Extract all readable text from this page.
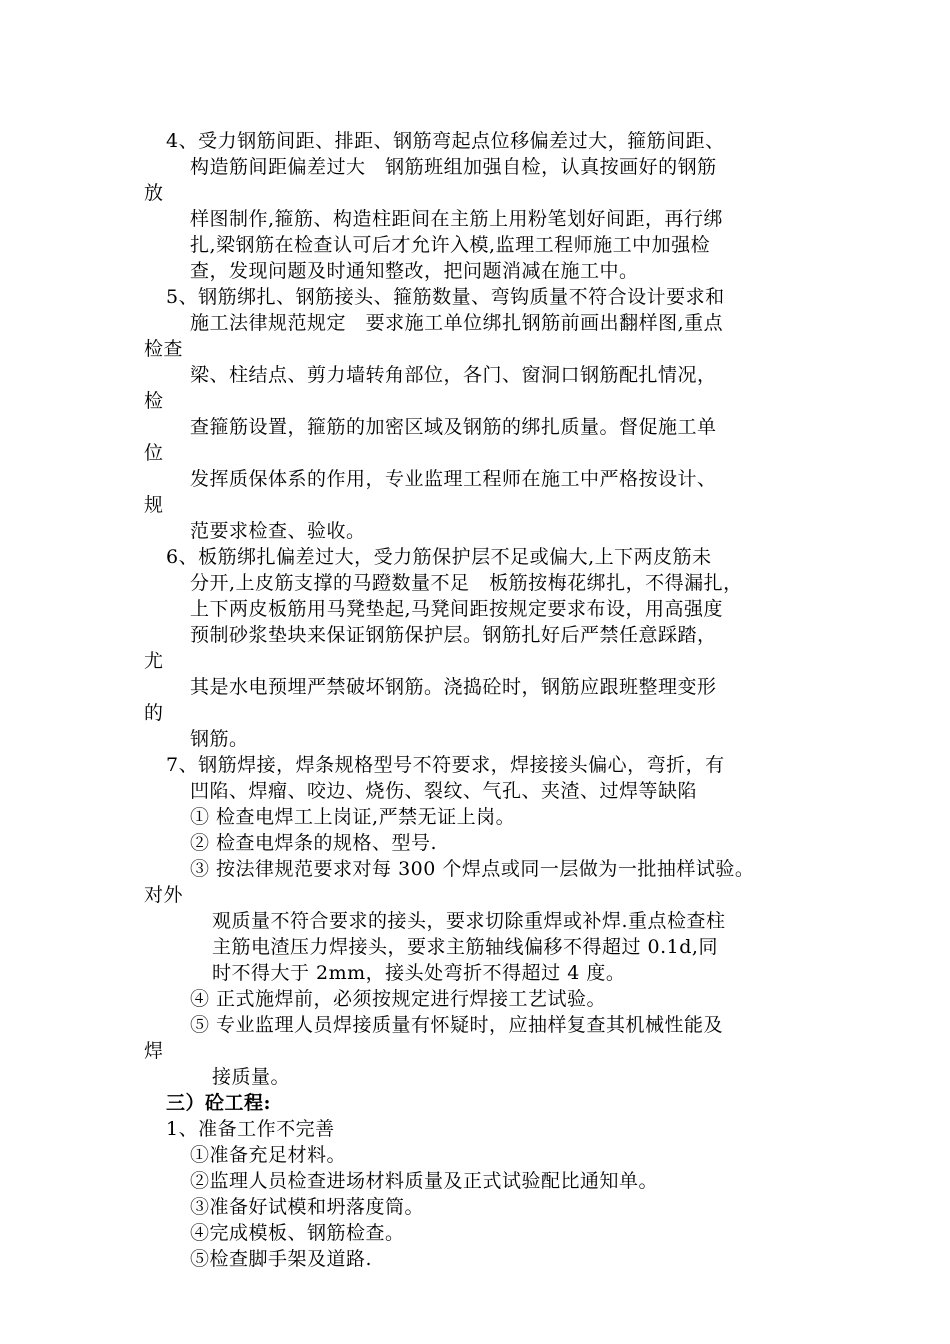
4、受力钢筋间距、排距、钢筋弯起点位移偏差过大，箍筋间距、
构造筋间距偏差过大   钢筋班组加强自检，认真按画好的钢筋
放
样图制作,箍筋、构造柱距间在主筋上用粉笔划好间距，再行绑
扎,梁钢筋在检查认可后才允许入模,监理工程师施工中加强检
查，发现问题及时通知整改，把问题消减在施工中。
5、钢筋绑扎、钢筋接头、箍筋数量、弯钩质量不符合设计要求和
施工法律规范规定   要求施工单位绑扎钢筋前画出翻样图,重点
检查
梁、柱结点、剪力墙转角部位，各门、窗洞口钢筋配扎情况，
检
查箍筋设置，箍筋的加密区域及钢筋的绑扎质量。督促施工单
位
发挥质保体系的作用，专业监理工程师在施工中严格按设计、
规
范要求检查、验收。
6、板筋绑扎偏差过大，受力筋保护层不足或偏大,上下两皮筋未
分开,上皮筋支撑的马蹬数量不足   板筋按梅花绑扎，不得漏扎，
上下两皮板筋用马凳垫起,马凳间距按规定要求布设，用高强度
预制砂浆垫块来保证钢筋保护层。钢筋扎好后严禁任意踩踏，
尤
其是水电预埋严禁破坏钢筋。浇捣砼时，钢筋应跟班整理变形
的
钢筋。
7、钢筋焊接，焊条规格型号不符要求，焊接接头偏心，弯折，有
凹陷、焊瘤、咬边、烧伤、裂纹、气孔、夹渣、过焊等缺陷
① 检查电焊工上岗证,严禁无证上岗。
② 检查电焊条的规格、型号.
③ 按法律规范要求对每 300 个焊点或同一层做为一批抽样试验。
对外
观质量不符合要求的接头，要求切除重焊或补焊.重点检查柱
主筋电渣压力焊接头，要求主筋轴线偏移不得超过 0.1d,同
时不得大于 2mm，接头处弯折不得超过 4 度。
④ 正式施焊前，必须按规定进行焊接工艺试验。
⑤ 专业监理人员焊接质量有怀疑时，应抽样复查其机械性能及
焊
接质量。
三）砼工程:
1、准备工作不完善
①准备充足材料。
②监理人员检查进场材料质量及正式试验配比通知单。
③准备好试模和坍落度筒。
④完成模板、钢筋检查。
⑤检查脚手架及道路.
